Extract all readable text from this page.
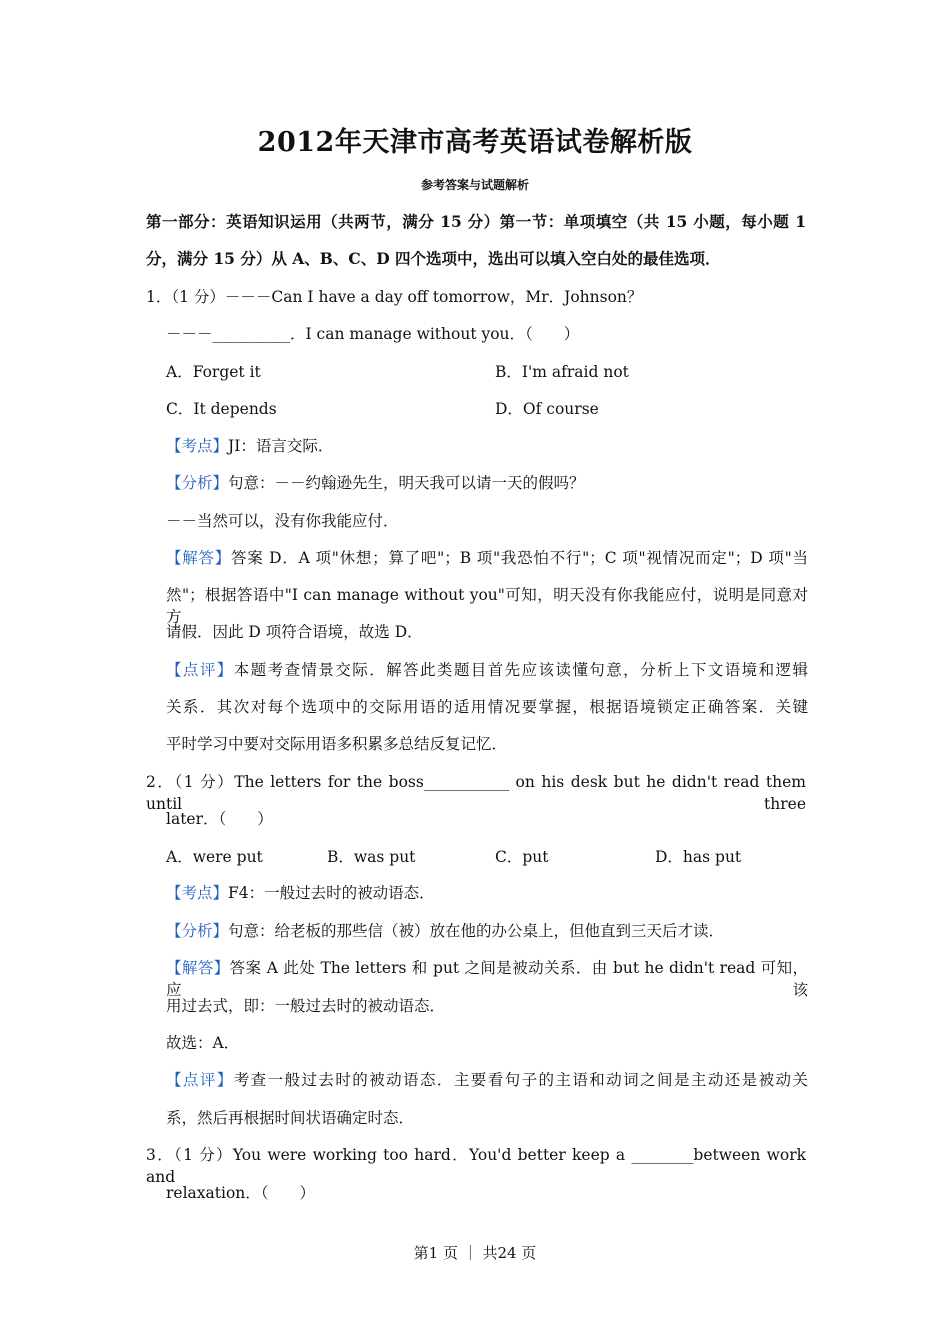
2012年天津市高考英语试卷解析版
参考答案与试题解析
第一部分：英语知识运用（共两节，满分 15 分）第一节：单项填空（共 15 小题，每小题 1
分，满分 15 分）从 A、B、C、D 四个选项中，选出可以填入空白处的最佳选项．
1．（1 分）－－－Can I have a day off tomorrow，Mr．Johnson？
－－－__________．I can manage without you．（　　）
A．Forget it	B．I'm afraid not
C．It depends	D．Of course
【考点】JI：语言交际．
【分析】句意：－－约翰逊先生，明天我可以请一天的假吗？
－－当然可以，没有你我能应付．
【解答】答案 D．A 项"休想；算了吧"；B 项"我恐怕不行"；C 项"视情况而定"；D 项"当
然"；根据答语中"I can manage without you"可知，明天没有你我能应付，说明是同意对方
请假．因此 D 项符合语境，故选 D．
【点评】本题考查情景交际．解答此类题目首先应该读懂句意，分析上下文语境和逻辑
关系．其次对每个选项中的交际用语的适用情况要掌握，根据语境锁定正确答案．关键
平时学习中要对交际用语多积累多总结反复记忆．
2．（1 分）The letters for the boss___________ on his desk but he didn't read them until three
later．（　　）
A．were put	B．was put	C．put	D．has put
【考点】F4：一般过去时的被动语态．
【分析】句意：给老板的那些信（被）放在他的办公桌上，但他直到三天后才读．
【解答】答案 A 此处 The letters 和 put 之间是被动关系．由 but he didn't read 可知，应该
用过去式，即：一般过去时的被动语态．
故选：A．
【点评】考查一般过去时的被动语态．主要看句子的主语和动词之间是主动还是被动关
系，然后再根据时间状语确定时态．
3．（1 分）You were working too hard．You'd better keep a ________between work and
relaxation．（　　）
第1 页 ｜ 共24 页
